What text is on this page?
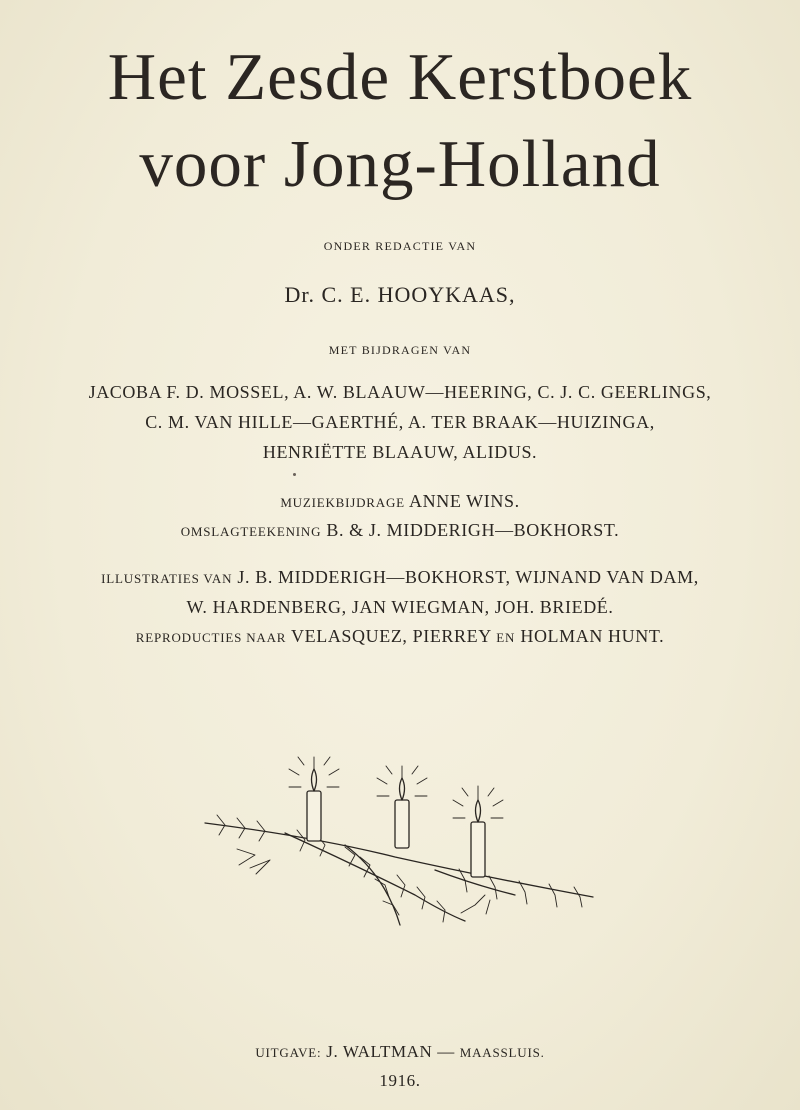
Het Zesde Kerstboek
voor Jong-Holland
ONDER REDACTIE VAN
Dr. C. E. HOOYKAAS,
MET BIJDRAGEN VAN
JACOBA F. D. MOSSEL, A. W. BLAAUW—HEERING, C. J. C. GEERLINGS,
C. M. VAN HILLE—GAERTHÉ, A. TER BRAAK—HUIZINGA,
HENRIËTTE BLAAUW, ALIDUS.
MUZIEKBIJDRAGE ANNE WINS.
OMSLAGTEEKENING B. & J. MIDDERIGH—BOKHORST.
ILLUSTRATIES VAN J. B. MIDDERIGH—BOKHORST, WIJNAND VAN DAM,
W. HARDENBERG, JAN WIEGMAN, JOH. BRIEDÉ.
REPRODUCTIES NAAR VELASQUEZ, PIERREY EN HOLMAN HUNT.
UITGAVE: J. WALTMAN — MAASSLUIS.
1916.
